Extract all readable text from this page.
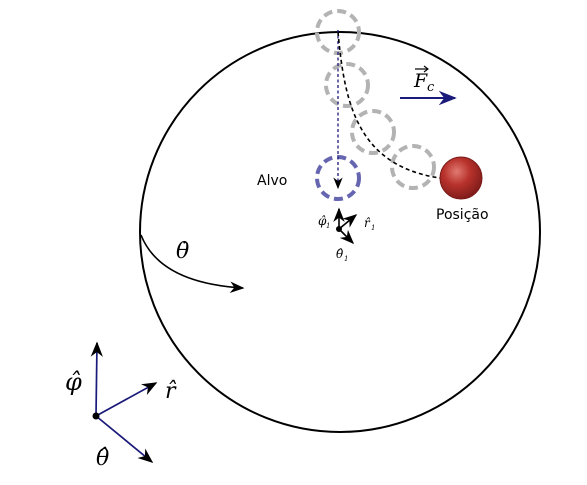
θ̇
F c
Alvo
Posição
φ̂ 1	r̂ 1
θ̂ 1
φ̂	r̂
θ̂
